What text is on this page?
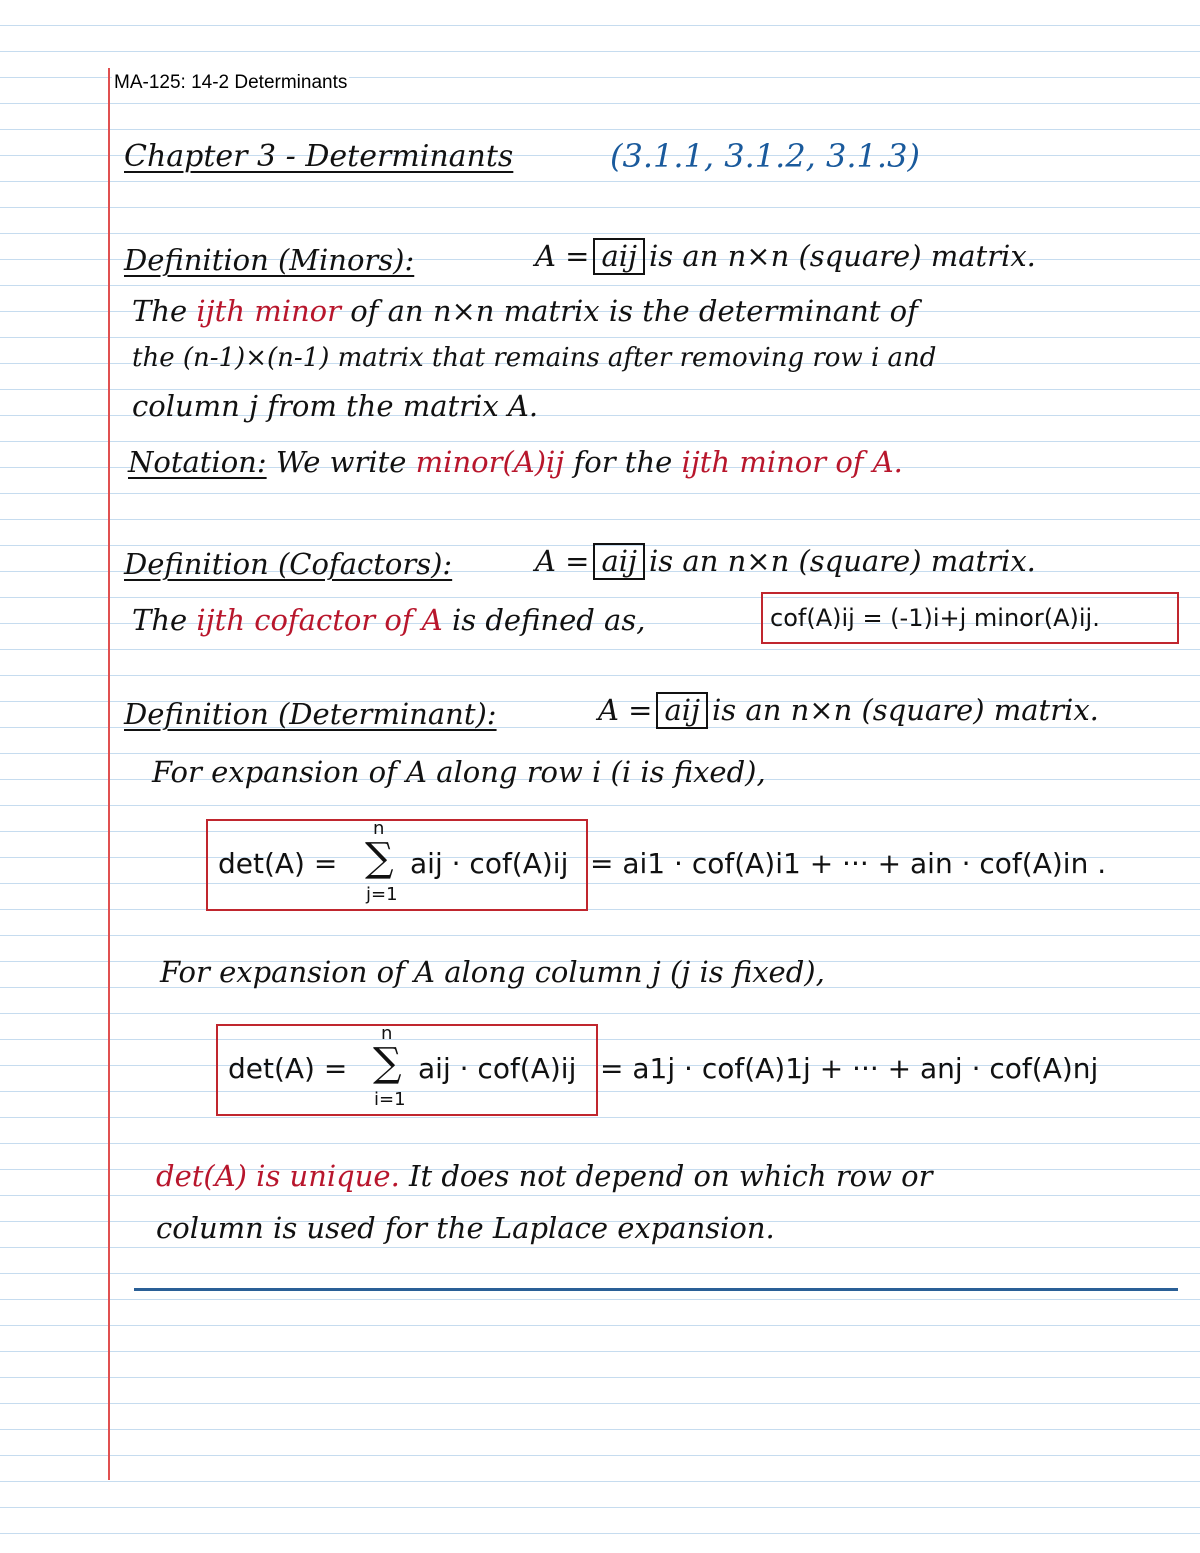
MA-125: 14-2 Determinants
Chapter 3 - Determinants	(3.1.1, 3.1.2, 3.1.3)
Definition (Minors):	A = aij is an n×n (square) matrix.
The ijth minor of an n×n matrix is the determinant of
the (n-1)×(n-1) matrix that remains after removing row i and
column j from the matrix A.
Notation: We write minor(A)ij for the ijth minor of A.
Definition (Cofactors):	A = aij is an n×n (square) matrix.
The ijth cofactor of A is defined as,	cof(A)ij = (-1)i+j minor(A)ij.
Definition (Determinant):	A = aij is an n×n (square) matrix.
For expansion of A along row i (i is fixed),
det(A) =
n
∑
j=1
aij · cof(A)ij = ai1 · cof(A)i1 + ··· + ain · cof(A)in .
For expansion of A along column j (j is fixed),
det(A) =
n
∑
i=1
aij · cof(A)ij = a1j · cof(A)1j + ··· + anj · cof(A)nj
det(A) is unique. It does not depend on which row or
column is used for the Laplace expansion.
